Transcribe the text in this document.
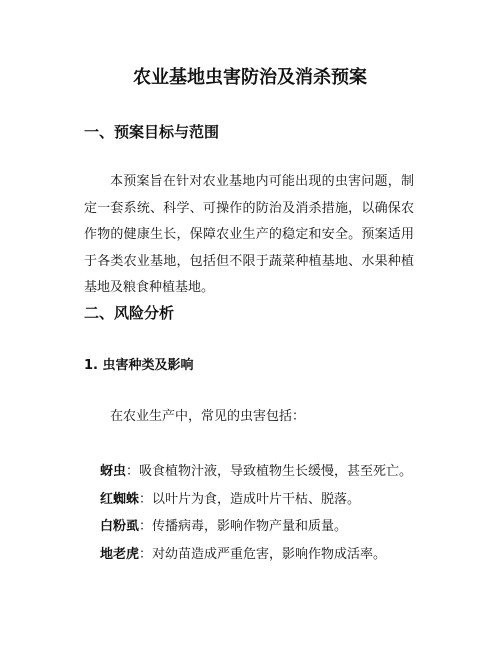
农业基地虫害防治及消杀预案
一、预案目标与范围
本预案旨在针对农业基地内可能出现的虫害问题，制定一套系统、科学、可操作的防治及消杀措施，以确保农作物的健康生长，保障农业生产的稳定和安全。预案适用于各类农业基地，包括但不限于蔬菜种植基地、水果种植基地及粮食种植基地。
二、风险分析
1. 虫害种类及影响
在农业生产中，常见的虫害包括：
蚜虫：吸食植物汁液，导致植物生长缓慢，甚至死亡。
红蜘蛛：以叶片为食，造成叶片干枯、脱落。
白粉虱：传播病毒，影响作物产量和质量。
地老虎：对幼苗造成严重危害，影响作物成活率。
